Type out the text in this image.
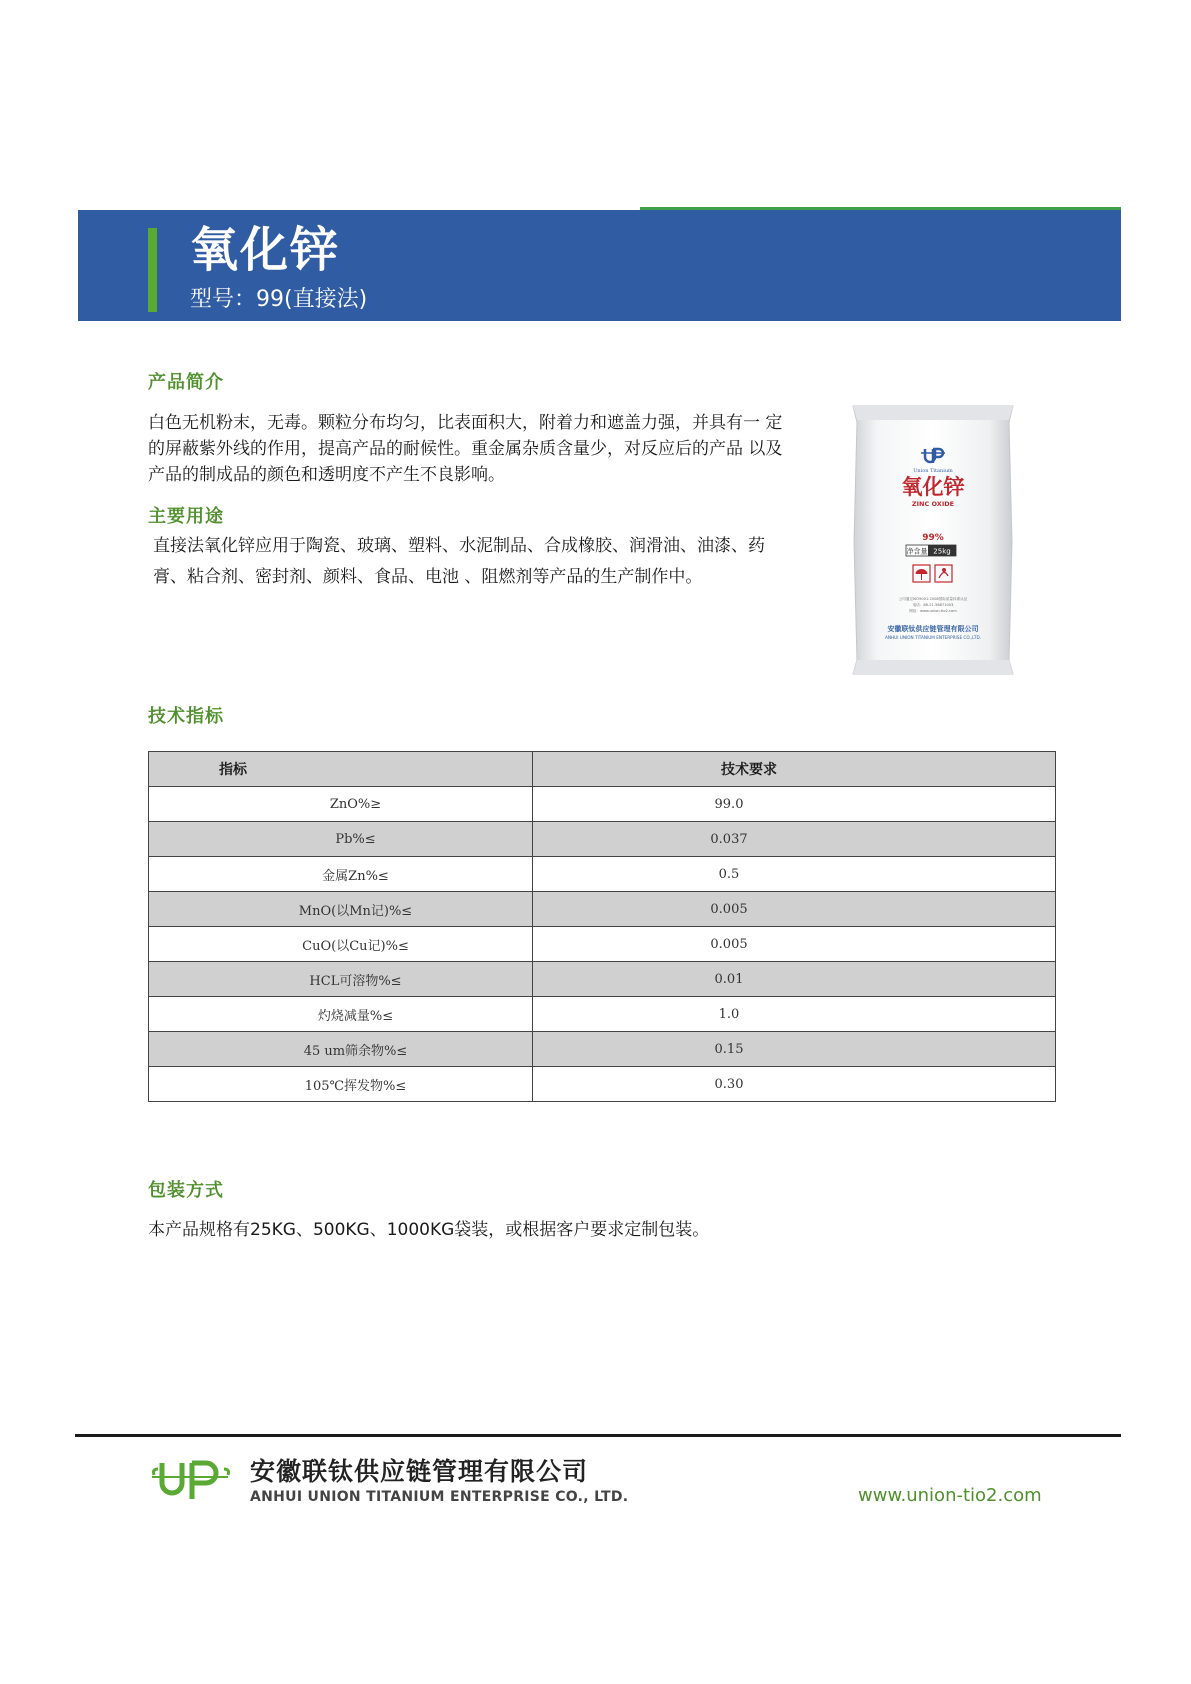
氧化锌
型号：99(直接法)
产品简介
白色无机粉末，无毒。颗粒分布均匀，比表面积大，附着力和遮盖力强，并具有一 定
的屏蔽紫外线的作用，提高产品的耐候性。重金属杂质含量少，对反应后的产品 以及
产品的制成品的颜色和透明度不产生不良影响。
主要用途
直接法氧化锌应用于陶瓷、玻璃、塑料、水泥制品、合成橡胶、润滑油、油漆、药
膏、粘合剂、密封剂、颜料、食品、电池 、阻燃剂等产品的生产制作中。
Union Titanium
氧化锌
ZINC OXIDE
99%
净含量 25kg
公司通过ISO9001:2008国际质量体系认证
电话：86-21-56871003
网址：www.union-tio2.com
安徽联钛供应链管理有限公司
ANHUI UNION TITANIUM ENTERPRISE CO.,LTD.
技术指标
指标	技术要求
ZnO%≥	99.0
Pb%≤	0.037
金属Zn%≤	0.5
MnO(以Mn记)%≤	0.005
CuO(以Cu记)%≤	0.005
HCL可溶物%≤	0.01
灼烧减量%≤	1.0
45 um筛余物%≤	0.15
105℃挥发物%≤	0.30
包装方式
本产品规格有25KG、500KG、1000KG袋装，或根据客户要求定制包装。
安徽联钛供应链管理有限公司
ANHUI UNION TITANIUM ENTERPRISE CO., LTD.	www.union-tio2.com
